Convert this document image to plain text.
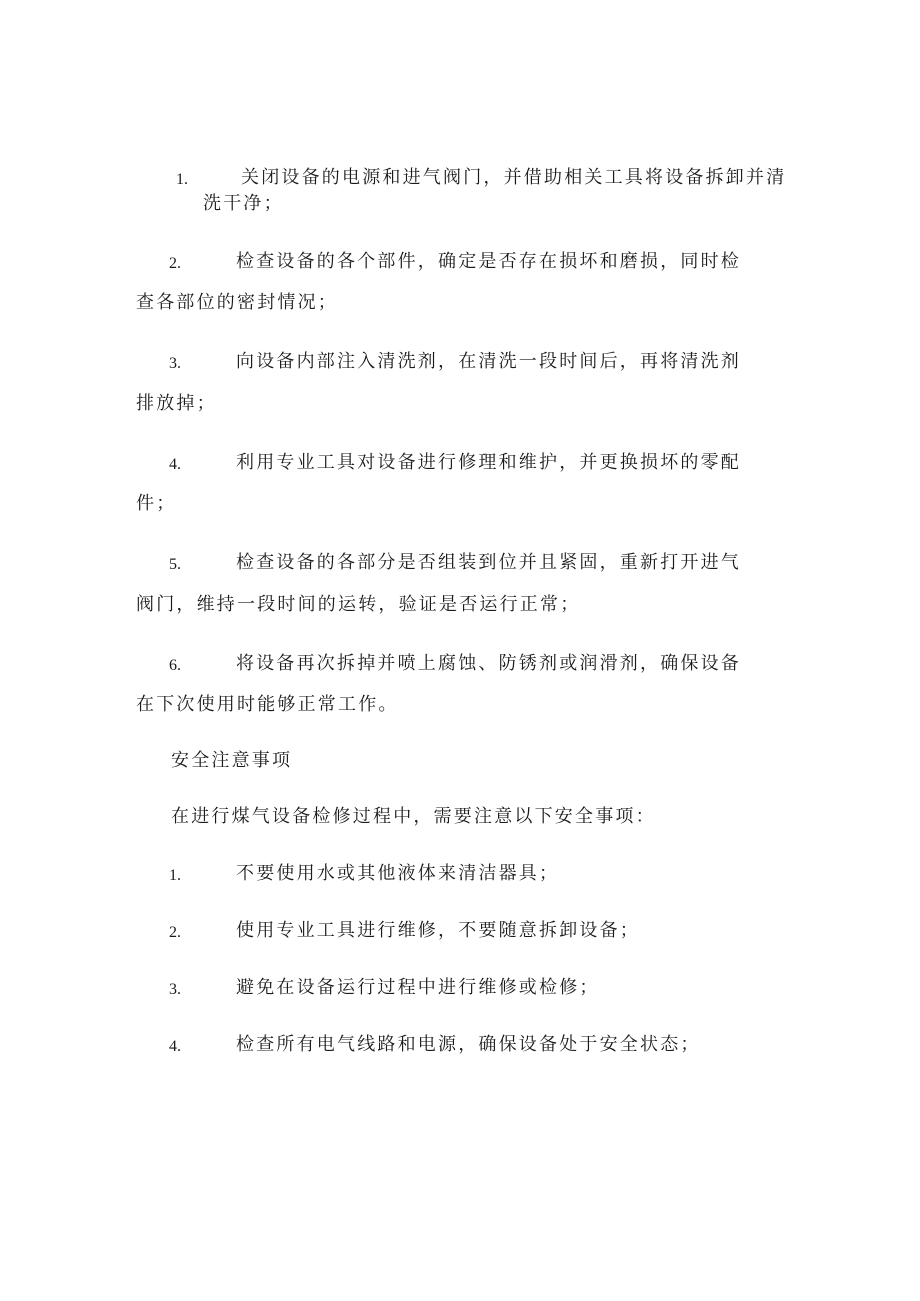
1.	关闭设备的电源和进气阀门，并借助相关工具将设备拆卸并清
洗干净；
2.	检查设备的各个部件，确定是否存在损坏和磨损，同时检
查各部位的密封情况；
3.	向设备内部注入清洗剂，在清洗一段时间后，再将清洗剂
排放掉；
4.	利用专业工具对设备进行修理和维护，并更换损坏的零配
件；
5.	检查设备的各部分是否组装到位并且紧固，重新打开进气
阀门，维持一段时间的运转，验证是否运行正常；
6.	将设备再次拆掉并喷上腐蚀、防锈剂或润滑剂，确保设备
在下次使用时能够正常工作。
安全注意事项
在进行煤气设备检修过程中，需要注意以下安全事项：
1.	不要使用水或其他液体来清洁器具；
2.	使用专业工具进行维修，不要随意拆卸设备；
3.	避免在设备运行过程中进行维修或检修；
4.	检查所有电气线路和电源，确保设备处于安全状态；
